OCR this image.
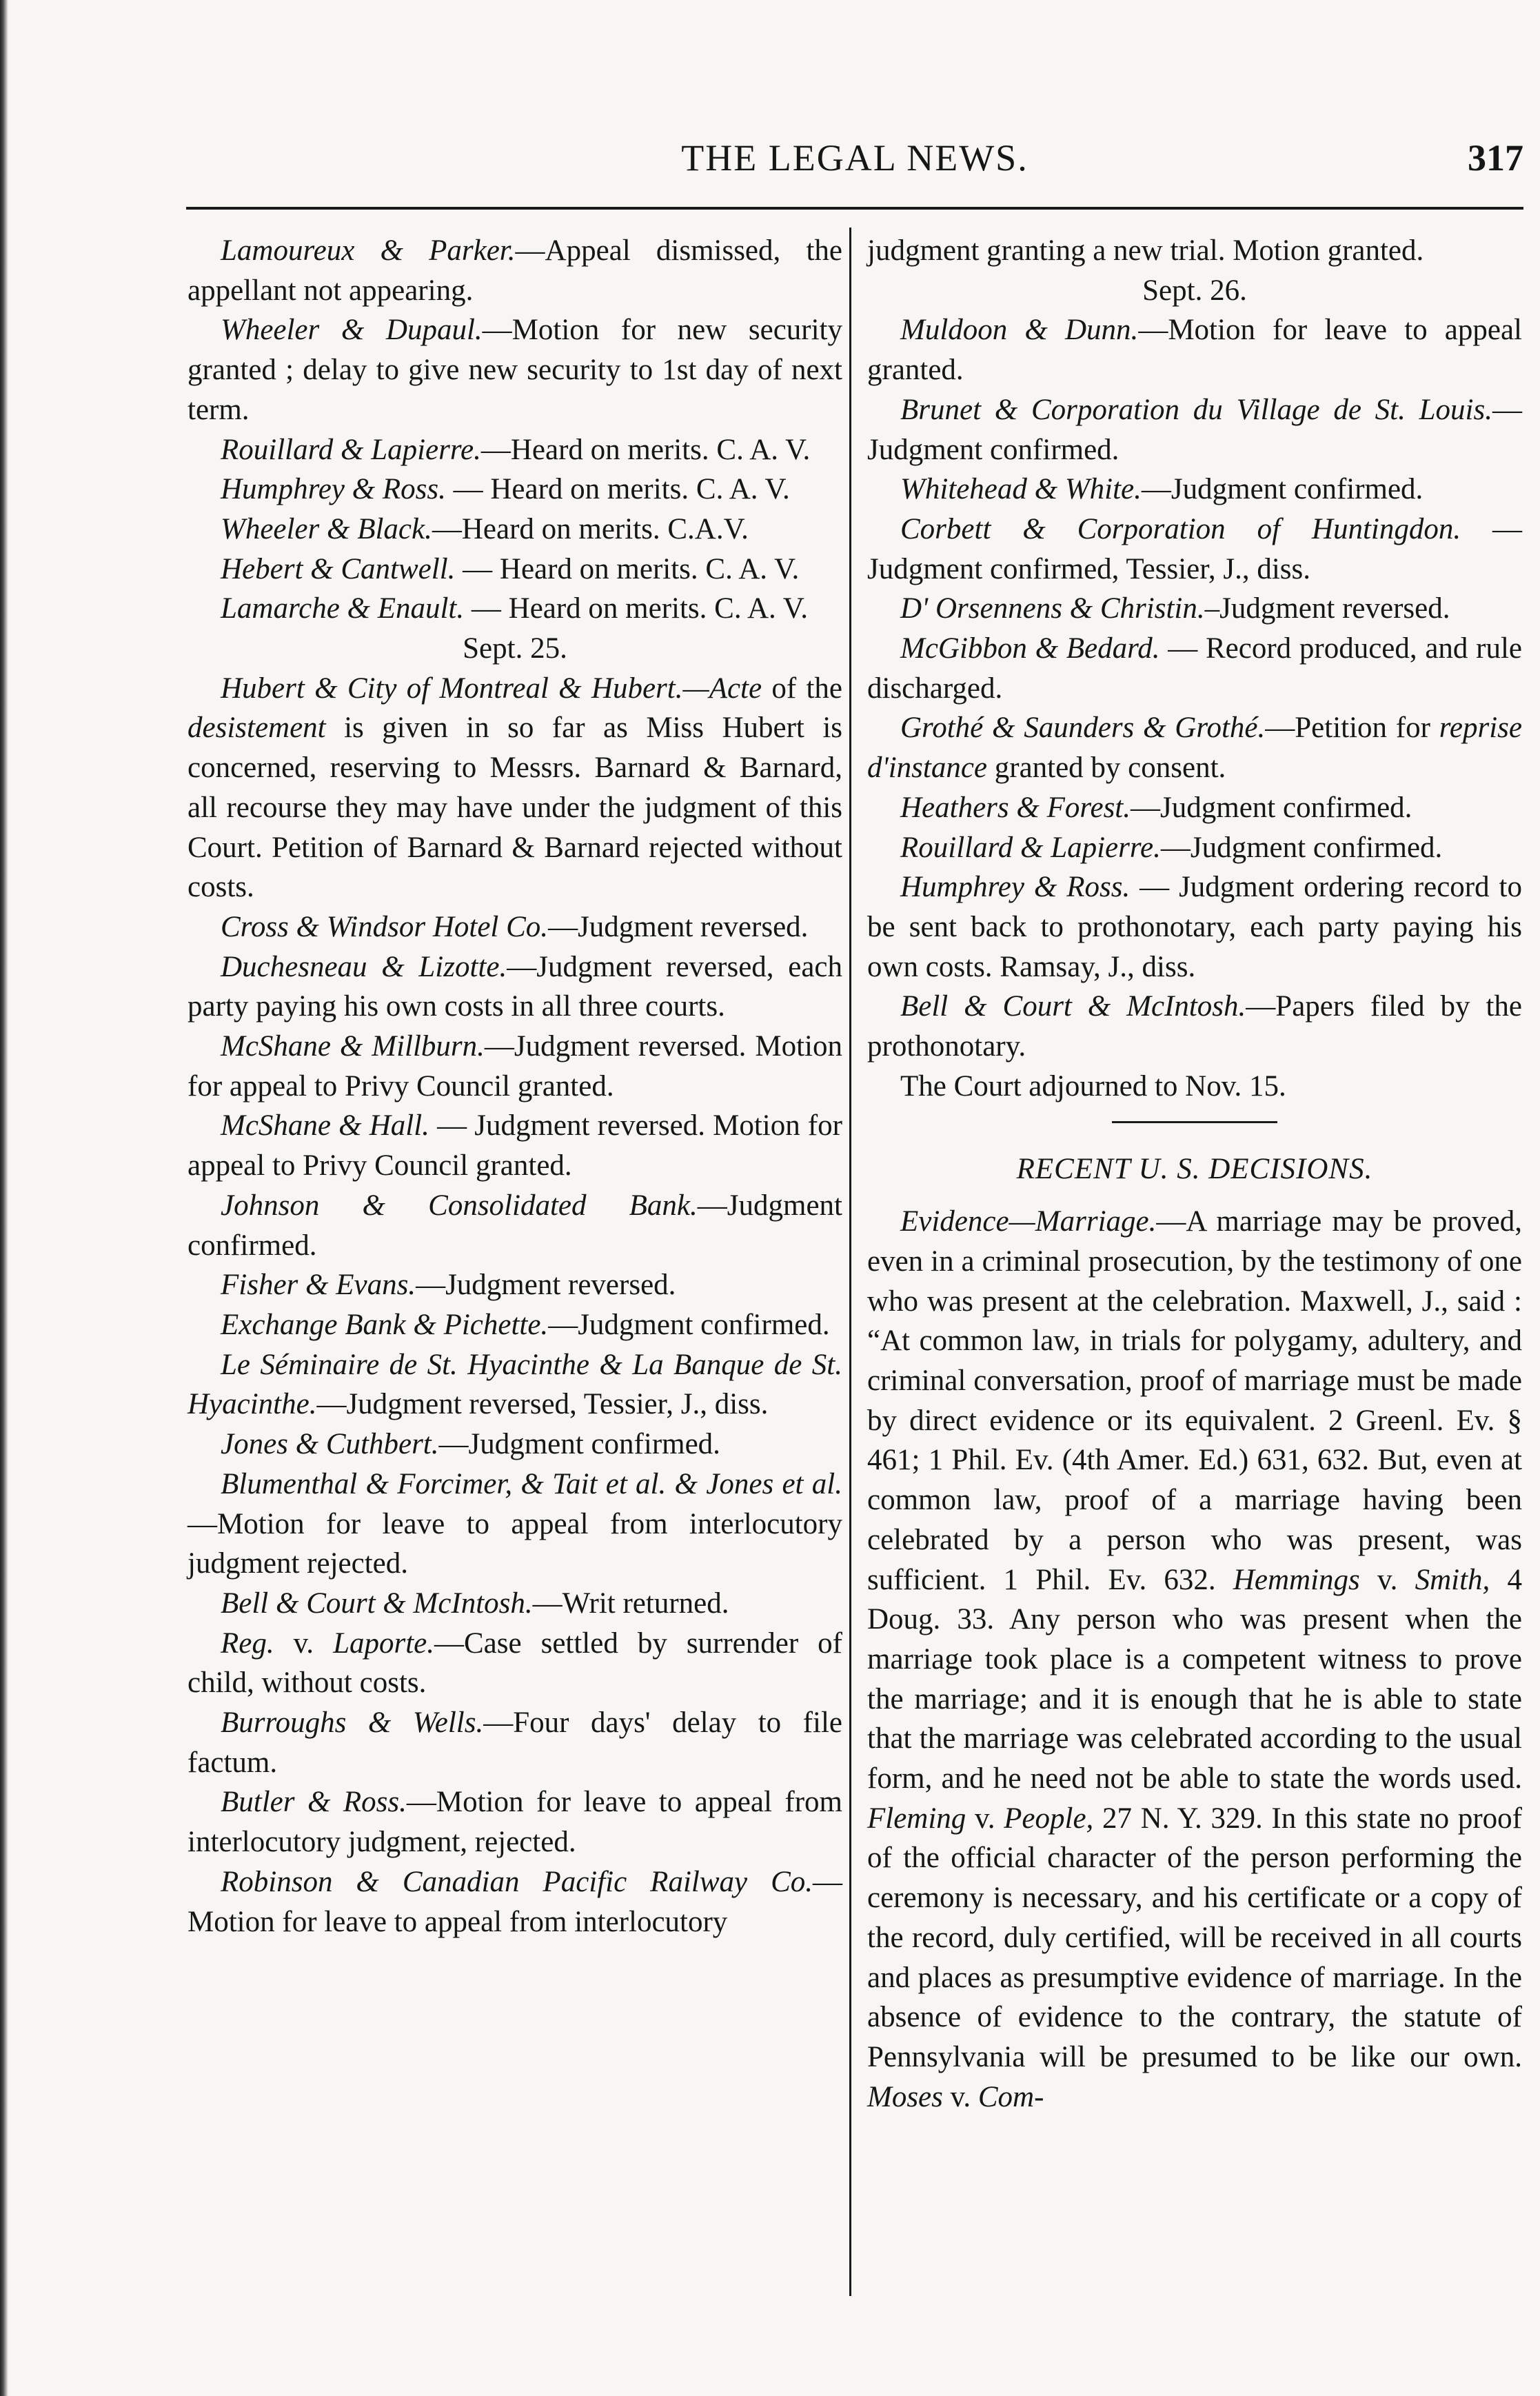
THE LEGAL NEWS.	317

Lamoureux & Parker.—Appeal dismissed, the appellant not appearing.

Wheeler & Dupaul.—Motion for new security granted ; delay to give new security to 1st day of next term.

Rouillard & Lapierre.—Heard on merits. C. A. V.

Humphrey & Ross. — Heard on merits. C. A. V.

Wheeler & Black.—Heard on merits. C.A.V.

Hebert & Cantwell. — Heard on merits. C. A. V.

Lamarche & Enault. — Heard on merits. C. A. V.

Sept. 25.

Hubert & City of Montreal & Hubert.—Acte of the desistement is given in so far as Miss Hubert is concerned, reserving to Messrs. Barnard & Barnard, all recourse they may have under the judgment of this Court. Petition of Barnard & Barnard rejected without costs.

Cross & Windsor Hotel Co.—Judgment reversed.

Duchesneau & Lizotte.—Judgment reversed, each party paying his own costs in all three courts.

McShane & Millburn.—Judgment reversed. Motion for appeal to Privy Council granted.

McShane & Hall. — Judgment reversed. Motion for appeal to Privy Council granted.

Johnson & Consolidated Bank.—Judgment confirmed.

Fisher & Evans.—Judgment reversed.

Exchange Bank & Pichette.—Judgment confirmed.

Le Séminaire de St. Hyacinthe & La Banque de St. Hyacinthe.—Judgment reversed, Tessier, J., diss.

Jones & Cuthbert.—Judgment confirmed.

Blumenthal & Forcimer, & Tait et al. & Jones et al.—Motion for leave to appeal from interlocutory judgment rejected.

Bell & Court & McIntosh.—Writ returned.

Reg. v. Laporte.—Case settled by surrender of child, without costs.

Burroughs & Wells.—Four days' delay to file factum.

Butler & Ross.—Motion for leave to appeal from interlocutory judgment, rejected.

Robinson & Canadian Pacific Railway Co.—Motion for leave to appeal from interlocutory

judgment granting a new trial. Motion granted.

Sept. 26.

Muldoon & Dunn.—Motion for leave to appeal granted.

Brunet & Corporation du Village de St. Louis.—Judgment confirmed.

Whitehead & White.—Judgment confirmed.

Corbett & Corporation of Huntingdon. — Judgment confirmed, Tessier, J., diss.

D' Orsennens & Christin.–Judgment reversed.

McGibbon & Bedard. — Record produced, and rule discharged.

Grothé & Saunders & Grothé.—Petition for reprise d'instance granted by consent.

Heathers & Forest.—Judgment confirmed.

Rouillard & Lapierre.—Judgment confirmed.

Humphrey & Ross. — Judgment ordering record to be sent back to prothonotary, each party paying his own costs. Ramsay, J., diss.

Bell & Court & McIntosh.—Papers filed by the prothonotary.

The Court adjourned to Nov. 15.

RECENT U. S. DECISIONS.

Evidence—Marriage.—A marriage may be proved, even in a criminal prosecution, by the testimony of one who was present at the celebration. Maxwell, J., said : “At common law, in trials for polygamy, adultery, and criminal conversation, proof of marriage must be made by direct evidence or its equivalent. 2 Greenl. Ev. § 461; 1 Phil. Ev. (4th Amer. Ed.) 631, 632. But, even at common law, proof of a marriage having been celebrated by a person who was present, was sufficient. 1 Phil. Ev. 632. Hemmings v. Smith, 4 Doug. 33. Any person who was present when the marriage took place is a competent witness to prove the marriage; and it is enough that he is able to state that the marriage was celebrated according to the usual form, and he need not be able to state the words used. Fleming v. People, 27 N. Y. 329. In this state no proof of the official character of the person performing the ceremony is necessary, and his certificate or a copy of the record, duly certified, will be received in all courts and places as presumptive evidence of marriage. In the absence of evidence to the contrary, the statute of Pennsylvania will be presumed to be like our own. Moses v. Com-
